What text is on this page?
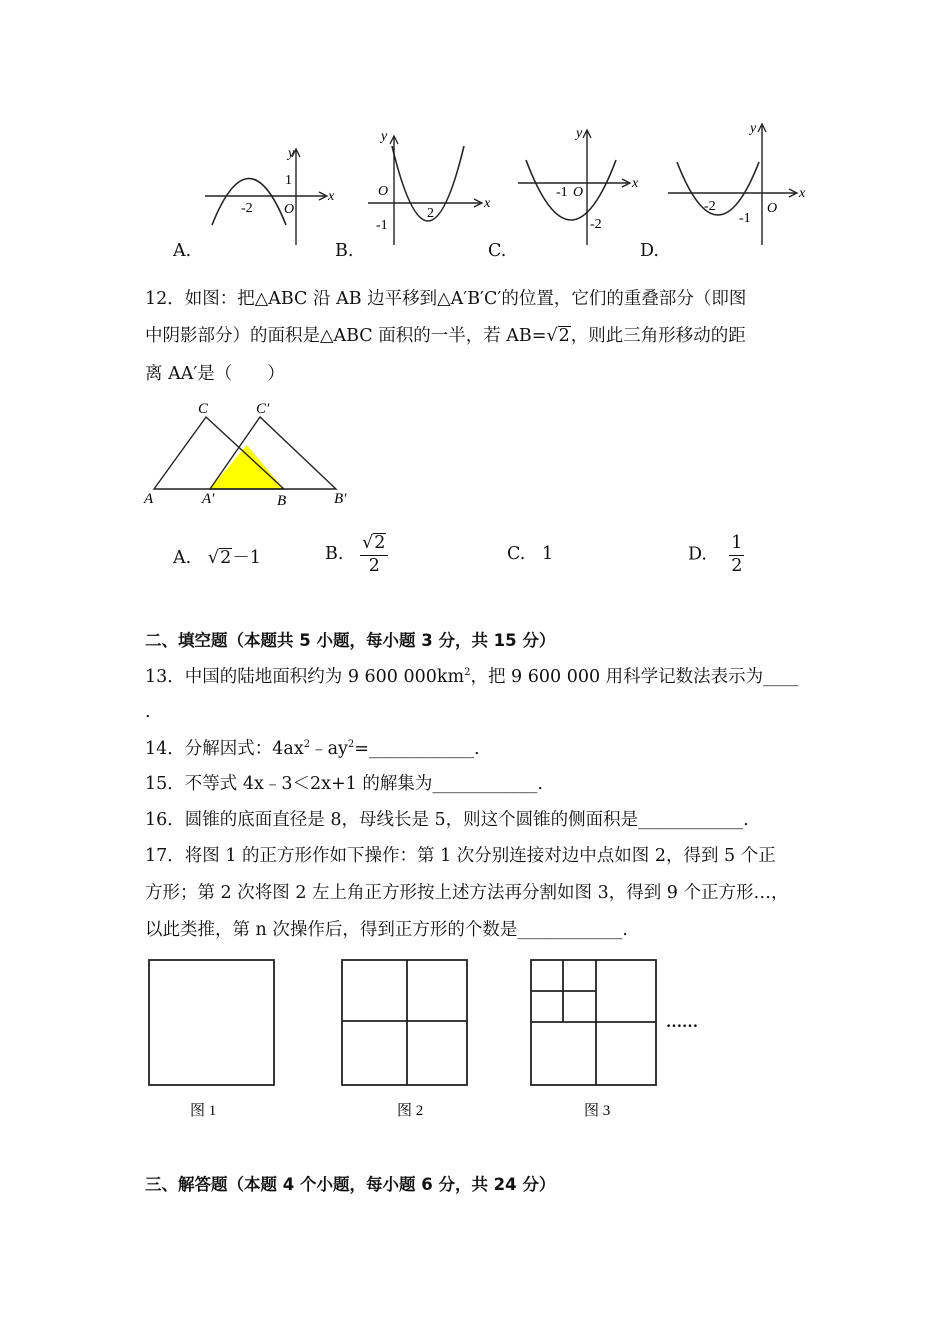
x
y
1
-2 O	x
y
O
-1
2
x
y
-1 O
-2
x
y
-2
-1
O
A.	B.	C.	D.
12．如图：把△ABC 沿 AB 边平移到△A′B′C′的位置，它们的重叠部分（即图
中阴影部分）的面积是△ABC 面积的一半，若 AB=√2，则此三角形移动的距
离 AA′是（　　）
C	C′
A	A′	B	B′
A. √2－1	B. $\frac{√2}{2}$	C. 1	D. $\frac{1}{2}$
二、填空题（本题共 5 小题，每小题 3 分，共 15 分）
13．中国的陆地面积约为 9 600 $000km^2$，把 9 600 000 用科学记数法表示为____
.
14．分解因式：$4ax^2﹣ay^2=\_\_\_\_\_\_\_\_\_\_\_\_$.
15．不等式 4x﹣3＜2x+1 的解集为____________.
16．圆锥的底面直径是 8，母线长是 5，则这个圆锥的侧面积是____________.
17．将图 1 的正方形作如下操作：第 1 次分别连接对边中点如图 2，得到 5 个正
方形；第 2 次将图 2 左上角正方形按上述方法再分割如图 3，得到 9 个正方形…，
以此类推，第 n 次操作后，得到正方形的个数是____________.
……
图 1	图 2	图 3
三、解答题（本题 4 个小题，每小题 6 分，共 24 分）
